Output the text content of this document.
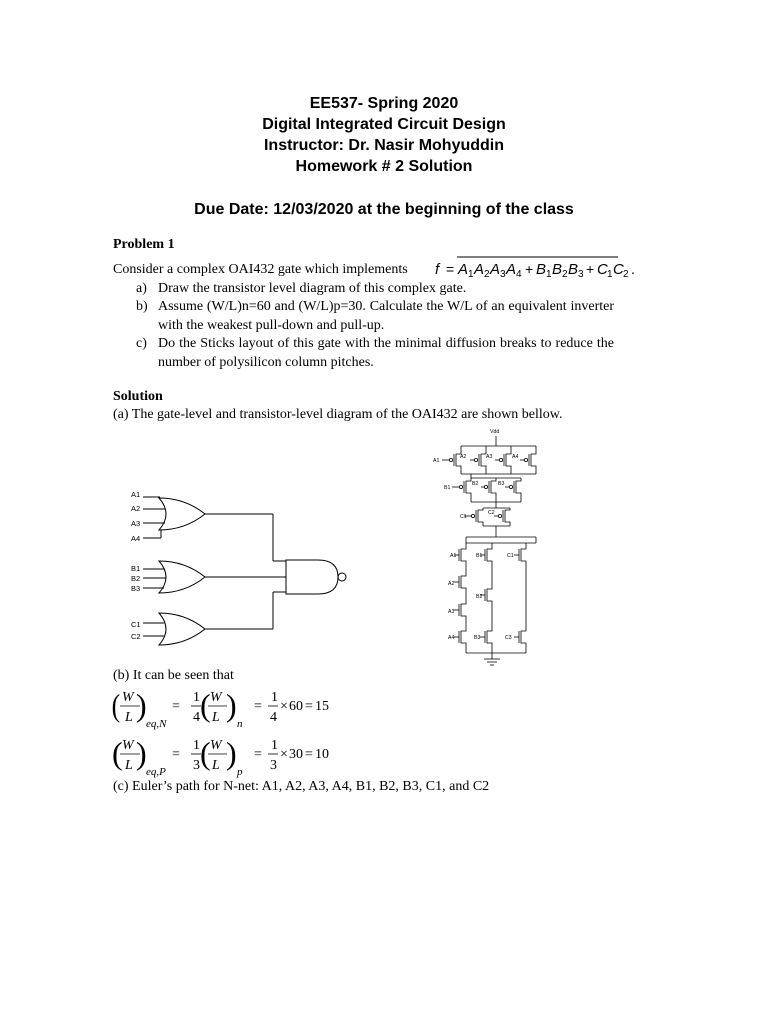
EE537- Spring 2020
Digital Integrated Circuit Design
Instructor: Dr. Nasir Mohyuddin
Homework # 2 Solution
Due Date: 12/03/2020 at the beginning of the class
Problem 1
Consider a complex OAI432 gate which implements f = A 1 A 2 A 3 A 4 + B 1 B 2 B 3 + C 1 C 2 .
a) Draw the transistor level diagram of this complex gate.
b) Assume (W/L)n=60 and (W/L)p=30. Calculate the W/L of an equivalent inverter with the weakest pull-down and pull-up.
c) Do the Sticks layout of this gate with the minimal diffusion breaks to reduce the number of polysilicon column pitches.
Solution
(a) The gate-level and transistor-level diagram of the OAI432 are shown bellow.
A1
A2
A3
A4
B1
B2
B3
C1
C2
Vdd
A1
A2	A3	A4
B1
B2	B3
C1
C2
A1
A2
A3
A4
B1
B2
B3
C1
C3
(b) It can be seen that
( W
L )
eq,N
=
1
4 ( W
L )
n
=
1
4
× 60 = 15
( W
L )
eq,P
=
1
3 ( W
L )
p
=
1
3
× 30 = 10
(c) Euler’s path for N-net: A1, A2, A3, A4, B1, B2, B3, C1, and C2
